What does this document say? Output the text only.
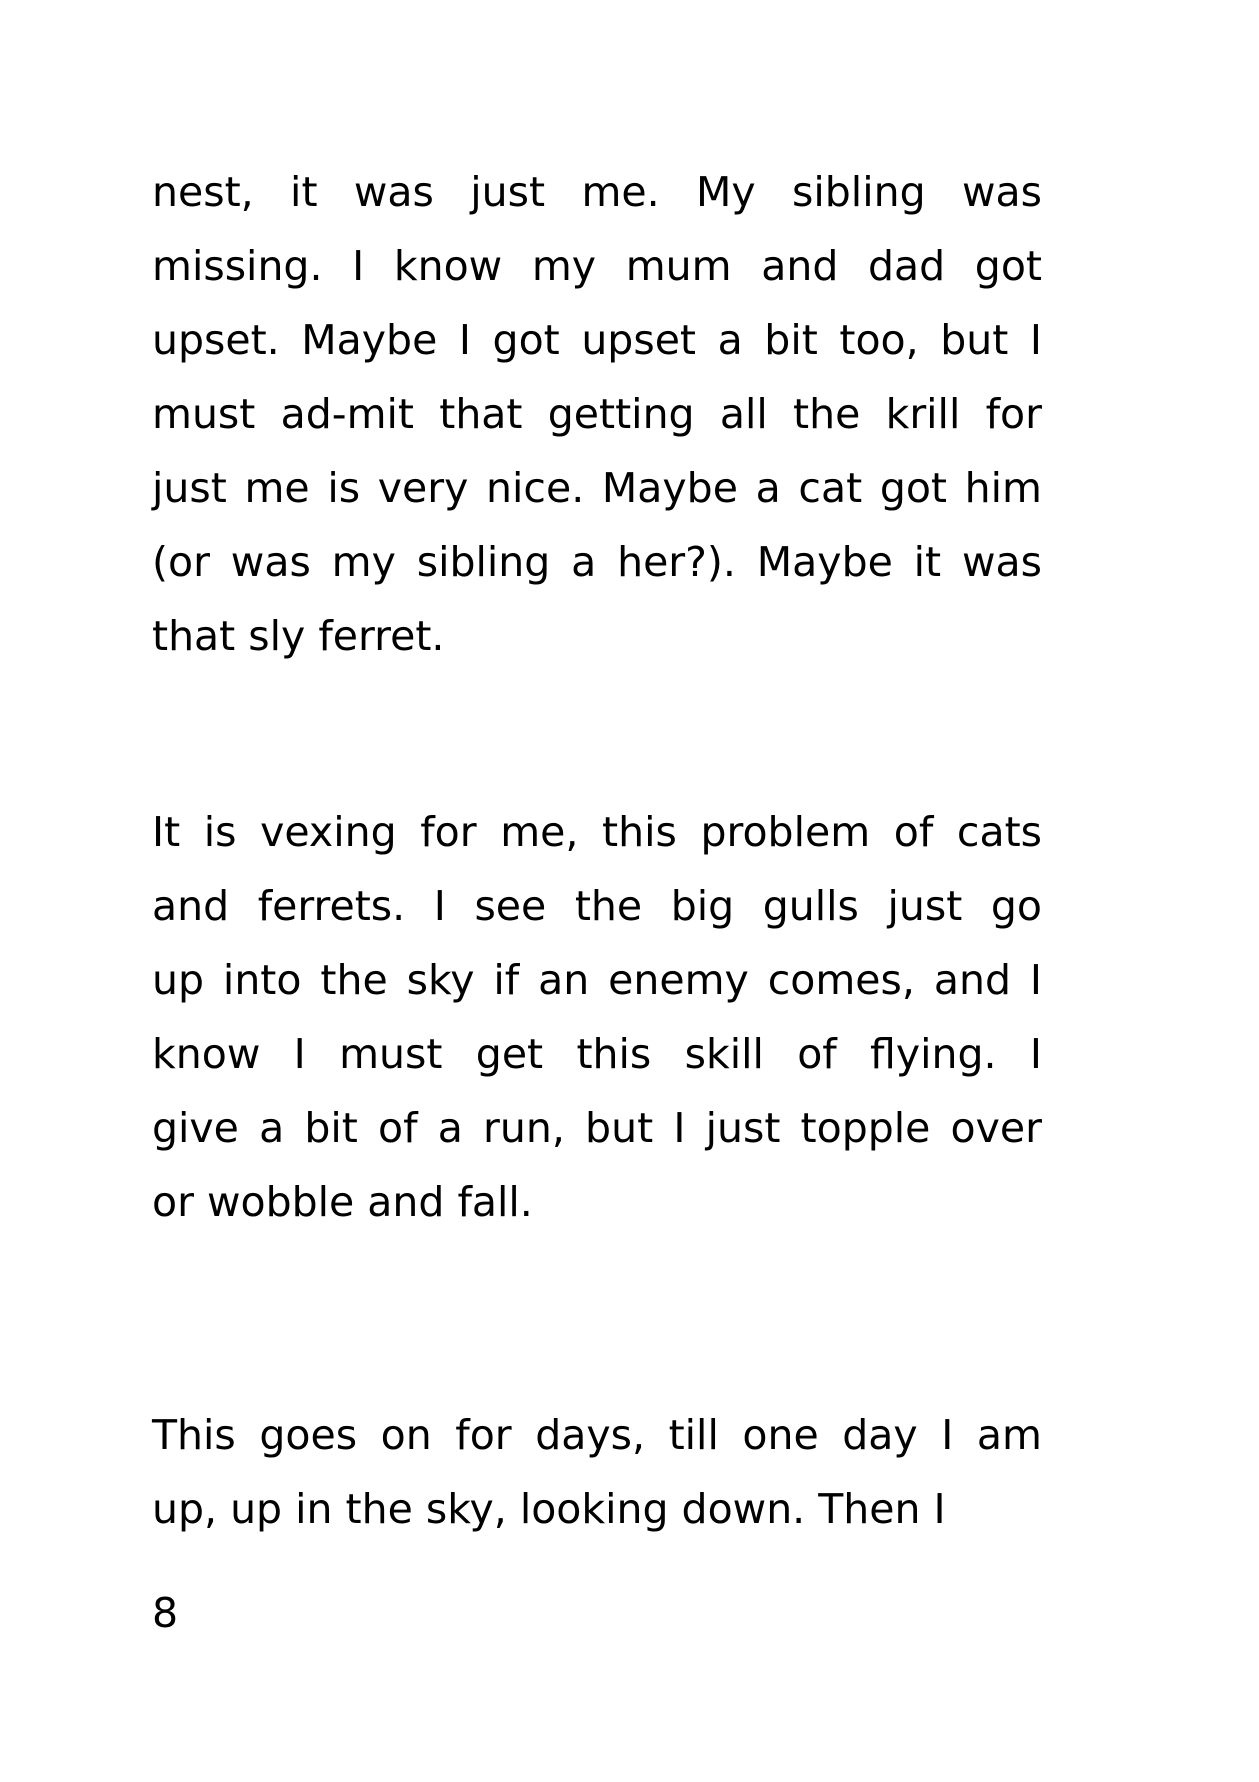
nest, it was just me. My sibling was
missing. I know my mum and dad got
upset. Maybe I got upset a bit too, but I
must ad-mit that getting all the krill for
just me is very nice. Maybe a cat got him
(or was my sibling a her?). Maybe it was
that sly ferret.
It is vexing for me, this problem of cats
and ferrets. I see the big gulls just go
up into the sky if an enemy comes, and I
know I must get this skill of flying. I
give a bit of a run, but I just topple over
or wobble and fall.
This goes on for days, till one day I am
up, up in the sky, looking down. Then I
8
